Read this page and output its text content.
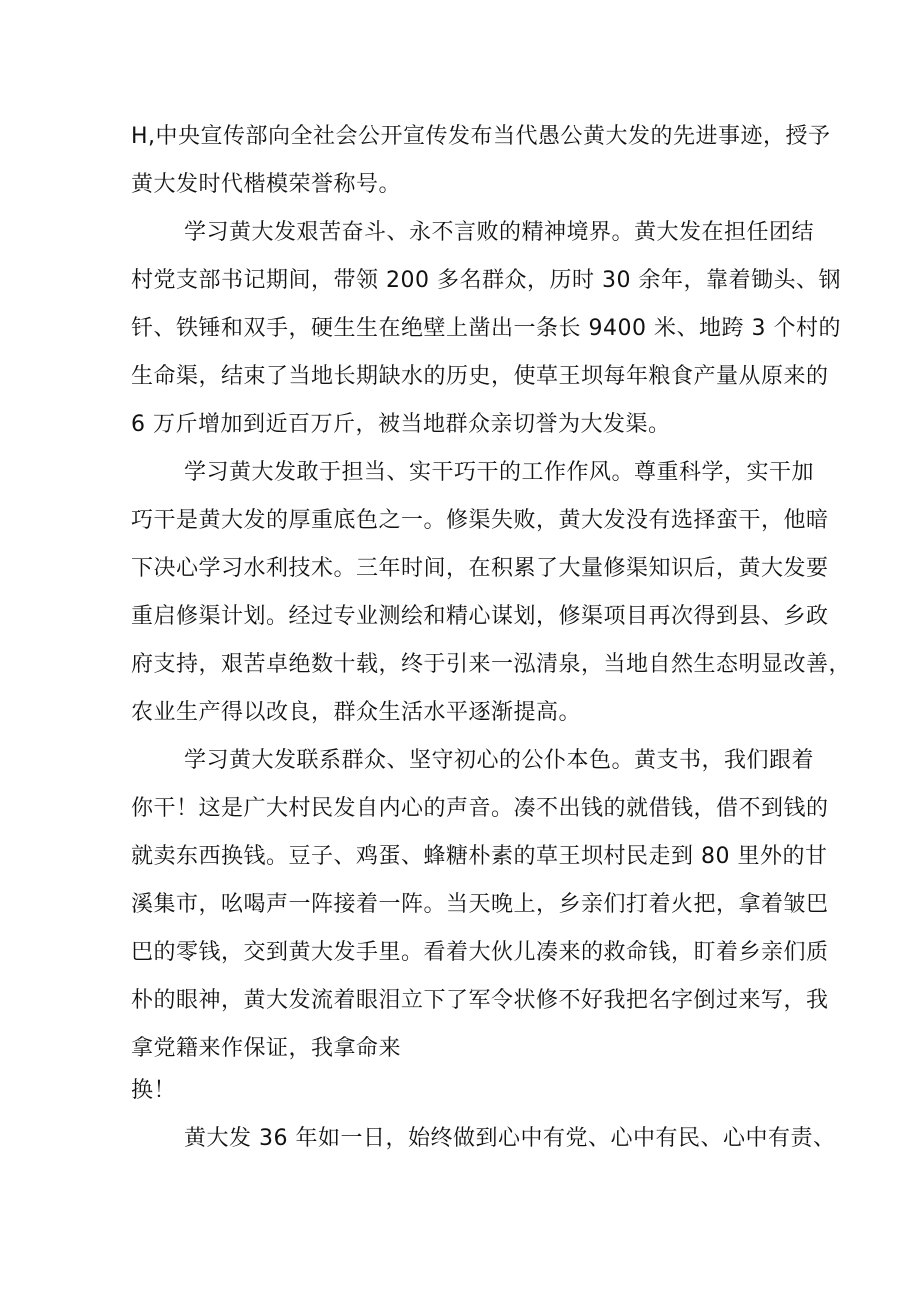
H,中央宣传部向全社会公开宣传发布当代愚公黄大发的先进事迹，授予
黄大发时代楷模荣誉称号。
学习黄大发艰苦奋斗、永不言败的精神境界。黄大发在担任团结
村党支部书记期间，带领 200 多名群众，历时 30 余年，靠着锄头、钢
钎、铁锤和双手，硬生生在绝壁上凿出一条长 9400 米、地跨 3 个村的
生命渠，结束了当地长期缺水的历史，使草王坝每年粮食产量从原来的
6 万斤增加到近百万斤，被当地群众亲切誉为大发渠。
学习黄大发敢于担当、实干巧干的工作作风。尊重科学，实干加
巧干是黄大发的厚重底色之一。修渠失败，黄大发没有选择蛮干，他暗
下决心学习水利技术。三年时间，在积累了大量修渠知识后，黄大发要
重启修渠计划。经过专业测绘和精心谋划，修渠项目再次得到县、乡政
府支持，艰苦卓绝数十载，终于引来一泓清泉，当地自然生态明显改善，
农业生产得以改良，群众生活水平逐渐提高。
学习黄大发联系群众、坚守初心的公仆本色。黄支书，我们跟着
你干！这是广大村民发自内心的声音。凑不出钱的就借钱，借不到钱的
就卖东西换钱。豆子、鸡蛋、蜂糖朴素的草王坝村民走到 80 里外的甘
溪集市，吆喝声一阵接着一阵。当天晚上，乡亲们打着火把，拿着皱巴
巴的零钱，交到黄大发手里。看着大伙儿凑来的救命钱，盯着乡亲们质
朴的眼神，黄大发流着眼泪立下了军令状修不好我把名字倒过来写，我
拿党籍来作保证，我拿命来
换！
黄大发 36 年如一日，始终做到心中有党、心中有民、心中有责、
